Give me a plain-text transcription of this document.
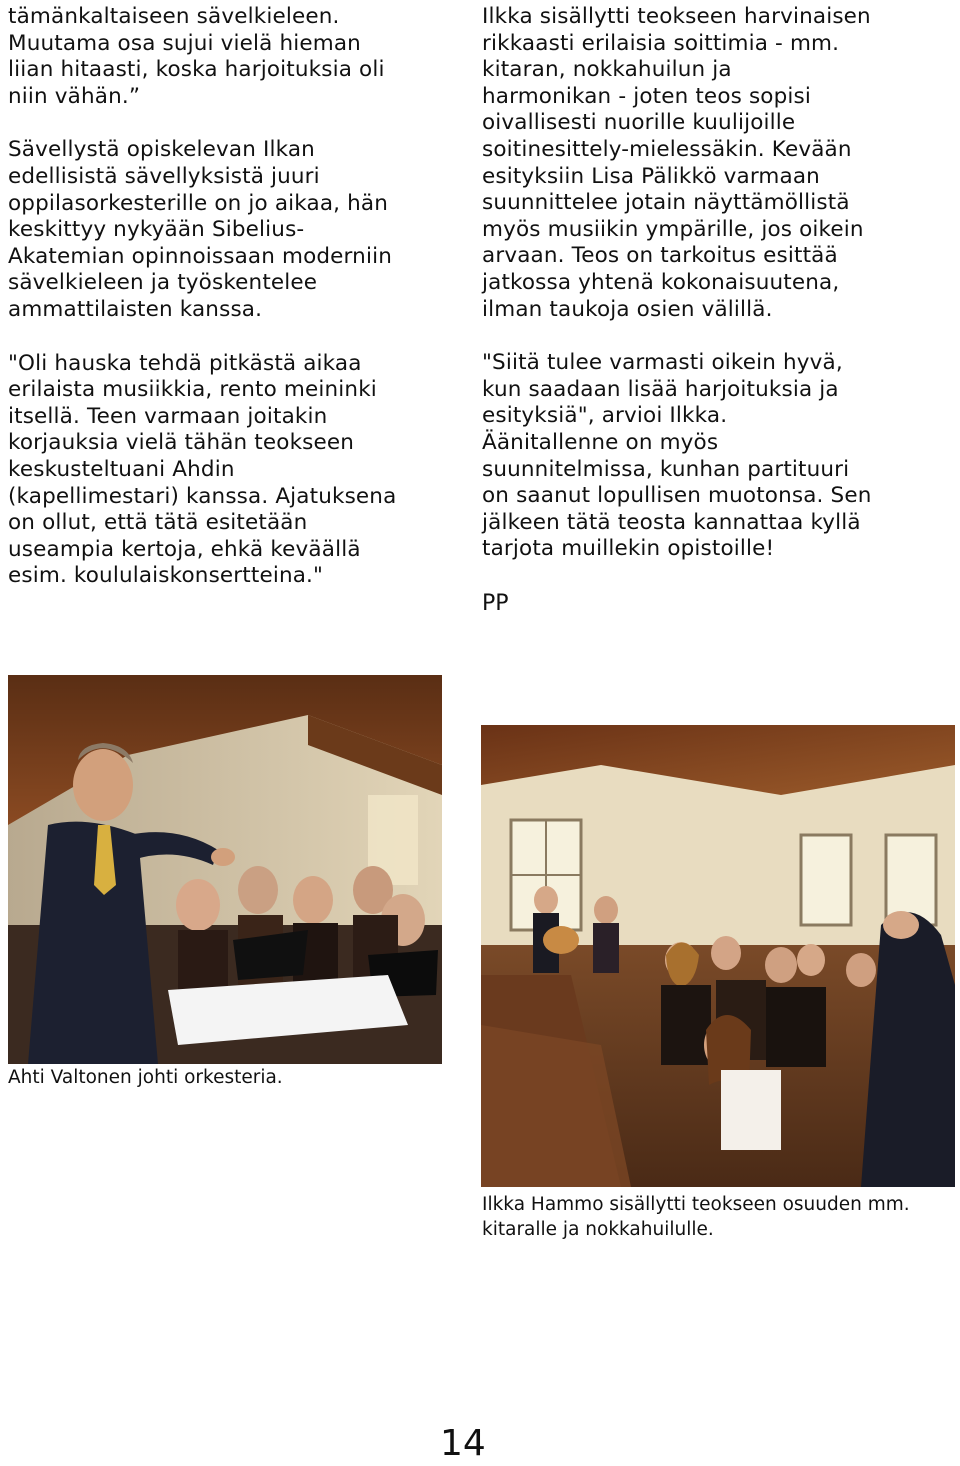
tämänkaltaiseen sävelkieleen.
Muutama osa sujui vielä hieman
liian hitaasti, koska harjoituksia oli
niin vähän.”

Sävellystä opiskelevan Ilkan
edellisistä sävellyksistä juuri
oppilasorkesterille on jo aikaa, hän
keskittyy nykyään Sibelius-
Akatemian opinnoissaan moderniin
sävelkieleen ja työskentelee
ammattilaisten kanssa.

"Oli hauska tehdä pitkästä aikaa
erilaista musiikkia, rento meininki
itsellä. Teen varmaan joitakin
korjauksia vielä tähän teokseen
keskusteltuani Ahdin
(kapellimestari) kanssa. Ajatuksena
on ollut, että tätä esitetään
useampia kertoja, ehkä keväällä
esim. koululaiskonsertteina."

Ilkka sisällytti teokseen harvinaisen
rikkaasti erilaisia soittimia - mm.
kitaran, nokkahuilun ja
harmonikan - joten teos sopisi
oivallisesti nuorille kuulijoille
soitinesittely-mielessäkin. Kevään
esityksiin Lisa Pälikkö varmaan
suunnittelee jotain näyttämöllistä
myös musiikin ympärille, jos oikein
arvaan. Teos on tarkoitus esittää
jatkossa yhtenä kokonaisuutena,
ilman taukoja osien välillä.

"Siitä tulee varmasti oikein hyvä,
kun saadaan lisää harjoituksia ja
esityksiä", arvioi Ilkka.
Äänitallenne on myös
suunnitelmissa, kunhan partituuri
on saanut lopullisen muotonsa. Sen
jälkeen tätä teosta kannattaa kyllä
tarjota muillekin opistoille!

PP
Ahti Valtonen johti orkesteria.
Ilkka Hammo sisällytti teokseen osuuden mm.
kitaralle ja nokkahuilulle.
14
